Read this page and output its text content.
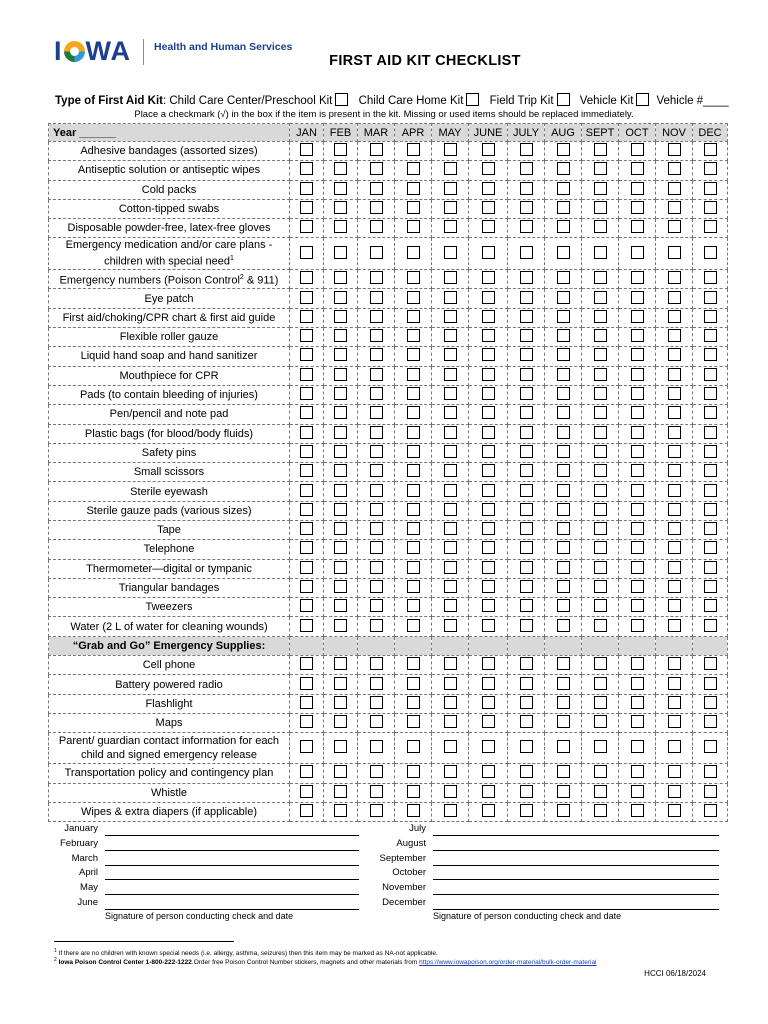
I WA Health and Human Services
FIRST AID KIT CHECKLIST
Type of First Aid Kit: Child Care Center/Preschool Kit Child Care Home Kit Field Trip Kit Vehicle Kit Vehicle #____
Place a checkmark (√) in the box if the item is present in the kit. Missing or used items should be replaced immediately.
Year ______	JAN	FEB	MAR	APR	MAY	JUNE	JULY	AUG	SEPT	OCT	NOV	DEC
Adhesive bandages (assorted sizes)												
Antiseptic solution or antiseptic wipes												
Cold packs												
Cotton-tipped swabs												
Disposable powder-free, latex-free gloves												
Emergency medication and/or care plans - children with special need$^1$												
Emergency numbers (Poison Control$^2$ & 911)												
Eye patch												
First aid/choking/CPR chart & first aid guide												
Flexible roller gauze												
Liquid hand soap and hand sanitizer												
Mouthpiece for CPR												
Pads (to contain bleeding of injuries)												
Pen/pencil and note pad												
Plastic bags (for blood/body fluids)												
Safety pins												
Small scissors												
Sterile eyewash												
Sterile gauze pads (various sizes)												
Tape												
Telephone												
Thermometer—digital or tympanic												
Triangular bandages												
Tweezers												
Water (2 L of water for cleaning wounds)												
“Grab and Go” Emergency Supplies:												
Cell phone												
Battery powered radio												
Flashlight												
Maps												
Parent/ guardian contact information for each child and signed emergency release												
Transportation policy and contingency plan												
Whistle												
Wipes & extra diapers (if applicable)												
January
February
March
April
May
June
July
August
September
October
November
December
Signature of person conducting check and date	Signature of person conducting check and date
$^1$ If there are no children with known special needs (i.e. allergy, asthma, seizures) then this item may be marked as NA-not applicable.
$^2$ Iowa Poison Control Center 1-800-222-1222.Order free Poison Control Number stickers, magnets and other materials from https://www.iowapoison.org/order-material/bulk-order-material
HCCI 06/18/2024
